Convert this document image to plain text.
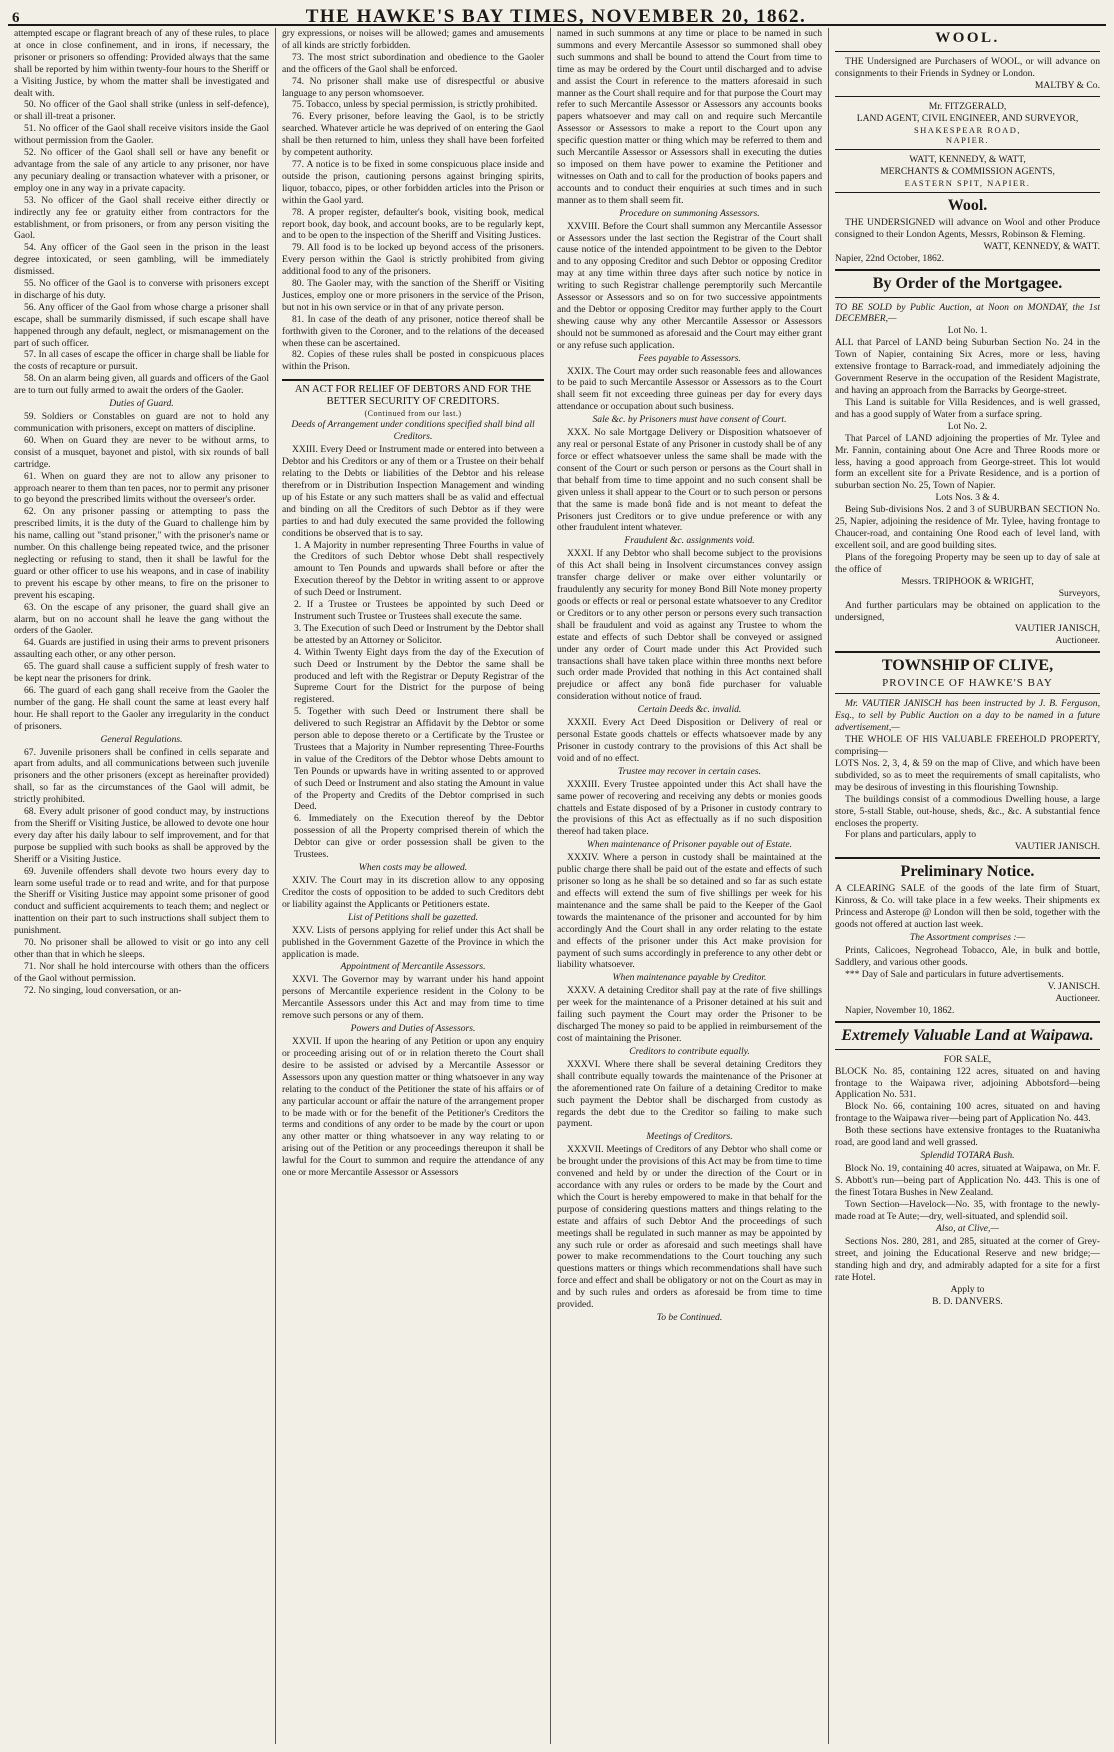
6	THE HAWKE'S BAY TIMES, NOVEMBER 20, 1862.

attempted escape or flagrant breach of any of these rules, to place at once in close confinement, and in irons, if necessary, the prisoner or prisoners so offending: Provided always that the same shall be reported by him within twenty-four hours to the Sheriff or a Visiting Justice, by whom the matter shall be investigated and dealt with.

50. No officer of the Gaol shall strike (unless in self-defence), or shall ill-treat a prisoner.

51. No officer of the Gaol shall receive visitors inside the Gaol without permission from the Gaoler.

52. No officer of the Gaol shall sell or have any benefit or advantage from the sale of any article to any prisoner, nor have any pecuniary dealing or transaction whatever with a prisoner, or employ one in any way in a private capacity.

53. No officer of the Gaol shall receive either directly or indirectly any fee or gratuity either from contractors for the establishment, or from prisoners, or from any person visiting the Gaol.

54. Any officer of the Gaol seen in the prison in the least degree intoxicated, or seen gambling, will be immediately dismissed.

55. No officer of the Gaol is to converse with prisoners except in discharge of his duty.

56. Any officer of the Gaol from whose charge a prisoner shall escape, shall be summarily dismissed, if such escape shall have happened through any default, neglect, or mismanagement on the part of such officer.

57. In all cases of escape the officer in charge shall be liable for the costs of recapture or pursuit.

58. On an alarm being given, all guards and officers of the Gaol are to turn out fully armed to await the orders of the Gaoler.

Duties of Guard.

59. Soldiers or Constables on guard are not to hold any communication with prisoners, except on matters of discipline.

60. When on Guard they are never to be without arms, to consist of a musquet, bayonet and pistol, with six rounds of ball cartridge.

61. When on guard they are not to allow any prisoner to approach nearer to them than ten paces, nor to permit any prisoner to go beyond the prescribed limits without the overseer's order.

62. On any prisoner passing or attempting to pass the prescribed limits, it is the duty of the Guard to challenge him by his name, calling out "stand prisoner," with the prisoner's name or number. On this challenge being repeated twice, and the prisoner neglecting or refusing to stand, then it shall be lawful for the guard or other officer to use his weapons, and in case of inability to prevent his escape by other means, to fire on the prisoner to prevent his escaping.

63. On the escape of any prisoner, the guard shall give an alarm, but on no account shall he leave the gang without the orders of the Gaoler.

64. Guards are justified in using their arms to prevent prisoners assaulting each other, or any other person.

65. The guard shall cause a sufficient supply of fresh water to be kept near the prisoners for drink.

66. The guard of each gang shall receive from the Gaoler the number of the gang. He shall count the same at least every half hour. He shall report to the Gaoler any irregularity in the conduct of prisoners.

General Regulations.

67. Juvenile prisoners shall be confined in cells separate and apart from adults, and all communications between such juvenile prisoners and the other prisoners (except as hereinafter provided) shall, so far as the circumstances of the Gaol will admit, be strictly prohibited.

68. Every adult prisoner of good conduct may, by instructions from the Sheriff or Visiting Justice, be allowed to devote one hour every day after his daily labour to self improvement, and for that purpose be supplied with such books as shall be approved by the Sheriff or a Visiting Justice.

69. Juvenile offenders shall devote two hours every day to learn some useful trade or to read and write, and for that purpose the Sheriff or Visiting Justice may appoint some prisoner of good conduct and sufficient acquirements to teach them; and neglect or inattention on their part to such instructions shall subject them to punishment.

70. No prisoner shall be allowed to visit or go into any cell other than that in which he sleeps.

71. Nor shall he hold intercourse with others than the officers of the Gaol without permission.

72. No singing, loud conversation, or an-

gry expressions, or noises will be allowed; games and amusements of all kinds are strictly forbidden.

73. The most strict subordination and obedience to the Gaoler and the officers of the Gaol shall be enforced.

74. No prisoner shall make use of disrespectful or abusive language to any person whomsoever.

75. Tobacco, unless by special permission, is strictly prohibited.

76. Every prisoner, before leaving the Gaol, is to be strictly searched. Whatever article he was deprived of on entering the Gaol shall be then returned to him, unless they shall have been forfeited by competent authority.

77. A notice is to be fixed in some conspicuous place inside and outside the prison, cautioning persons against bringing spirits, liquor, tobacco, pipes, or other forbidden articles into the Prison or within the Gaol yard.

78. A proper register, defaulter's book, visiting book, medical report book, day book, and account books, are to be regularly kept, and to be open to the inspection of the Sheriff and Visiting Justices.

79. All food is to be locked up beyond access of the prisoners. Every person within the Gaol is strictly prohibited from giving additional food to any of the prisoners.

80. The Gaoler may, with the sanction of the Sheriff or Visiting Justices, employ one or more prisoners in the service of the Prison, but not in his own service or in that of any private person.

81. In case of the death of any prisoner, notice thereof shall be forthwith given to the Coroner, and to the relations of the deceased when these can be ascertained.

82. Copies of these rules shall be posted in conspicuous places within the Prison.

AN ACT FOR RELIEF OF DEBTORS AND FOR THE BETTER SECURITY OF CREDITORS.
(Continued from our last.)
Deeds of Arrangement under conditions specified shall bind all Creditors.

XXIII. Every Deed or Instrument made or entered into between a Debtor and his Creditors or any of them or a Trustee on their behalf relating to the Debts or liabilities of the Debtor and his release therefrom or in Distribution Inspection Management and winding up of his Estate or any such matters shall be as valid and effectual and binding on all the Creditors of such Debtor as if they were parties to and had duly executed the same provided the following conditions be observed that is to say.

1. A Majority in number representing Three Fourths in value of the Creditors of such Debtor whose Debt shall respectively amount to Ten Pounds and upwards shall before or after the Execution thereof by the Debtor in writing assent to or approve of such Deed or Instrument.

2. If a Trustee or Trustees be appointed by such Deed or Instrument such Trustee or Trustees shall execute the same.

3. The Execution of such Deed or Instrument by the Debtor shall be attested by an Attorney or Solicitor.

4. Within Twenty Eight days from the day of the Execution of such Deed or Instrument by the Debtor the same shall be produced and left with the Registrar or Deputy Registrar of the Supreme Court for the District for the purpose of being registered.

5. Together with such Deed or Instrument there shall be delivered to such Registrar an Affidavit by the Debtor or some person able to depose thereto or a Certificate by the Trustee or Trustees that a Majority in Number representing Three-Fourths in value of the Creditors of the Debtor whose Debts amount to Ten Pounds or upwards have in writing assented to or approved of such Deed or Instrument and also stating the Amount in value of the Property and Credits of the Debtor comprised in such Deed.

6. Immediately on the Execution thereof by the Debtor possession of all the Property comprised therein of which the Debtor can give or order possession shall be given to the Trustees.

When costs may be allowed.

XXIV. The Court may in its discretion allow to any opposing Creditor the costs of opposition to be added to such Creditors debt or liability against the Applicants or Petitioners estate.

List of Petitions shall be gazetted.

XXV. Lists of persons applying for relief under this Act shall be published in the Government Gazette of the Province in which the application is made.

Appointment of Mercantile Assessors.

XXVI. The Governor may by warrant under his hand appoint persons of Mercantile experience resident in the Colony to be Mercantile Assessors under this Act and may from time to time remove such persons or any of them.

Powers and Duties of Assessors.

XXVII. If upon the hearing of any Petition or upon any enquiry or proceeding arising out of or in relation thereto the Court shall desire to be assisted or advised by a Mercantile Assessor or Assessors upon any question matter or thing whatsoever in any way relating to the conduct of the Petitioner the state of his affairs or of any particular account or affair the nature of the arrangement proper to be made with or for the benefit of the Petitioner's Creditors the terms and conditions of any order to be made by the court or upon any other matter or thing whatsoever in any way relating to or arising out of the Petition or any proceedings thereupon it shall be lawful for the Court to summon and require the attendance of any one or more Mercantile Assessor or Assessors

named in such summons at any time or place to be named in such summons and every Mercantile Assessor so summoned shall obey such summons and shall be bound to attend the Court from time to time as may be ordered by the Court until discharged and to advise and assist the Court in reference to the matters aforesaid in such manner as the Court shall require and for that purpose the Court may refer to such Mercantile Assessor or Assessors any accounts books papers whatsoever and may call on and require such Mercantile Assessor or Assessors to make a report to the Court upon any specific question matter or thing which may be referred to them and such Mercantile Assessor or Assessors shall in executing the duties so imposed on them have power to examine the Petitioner and witnesses on Oath and to call for the production of books papers and accounts and to conduct their enquiries at such times and in such manner as to them shall seem fit.

Procedure on summoning Assessors.

XXVIII. Before the Court shall summon any Mercantile Assessor or Assessors under the last section the Registrar of the Court shall cause notice of the intended appointment to be given to the Debtor and to any opposing Creditor and such Debtor or opposing Creditor may at any time within three days after such notice by notice in writing to such Registrar challenge peremptorily such Mercantile Assessor or Assessors and so on for two successive appointments and the Debtor or opposing Creditor may further apply to the Court shewing cause why any other Mercantile Assessor or Assessors should not be summoned as aforesaid and the Court may either grant or any refuse such application.

Fees payable to Assessors.

XXIX. The Court may order such reasonable fees and allowances to be paid to such Mercantile Assessor or Assessors as to the Court shall seem fit not exceeding three guineas per day for every days attendance or occupation about such business.

Sale &c. by Prisoners must have consent of Court.

XXX. No sale Mortgage Delivery or Disposition whatsoever of any real or personal Estate of any Prisoner in custody shall be of any force or effect whatsoever unless the same shall be made with the consent of the Court or such person or persons as the Court shall in that behalf from time to time appoint and no such consent shall be given unless it shall appear to the Court or to such person or persons that the same is made bonâ fide and is not meant to defeat the Prisoners just Creditors or to give undue preference or with any other fraudulent intent whatever.

Fraudulent &c. assignments void.

XXXI. If any Debtor who shall become subject to the provisions of this Act shall being in Insolvent circumstances convey assign transfer charge deliver or make over either voluntarily or fraudulently any security for money Bond Bill Note money property goods or effects or real or personal estate whatsoever to any Creditor or Creditors or to any other person or persons every such transaction shall be fraudulent and void as against any Trustee to whom the estate and effects of such Debtor shall be conveyed or assigned under any order of Court made under this Act Provided such transactions shall have taken place within three months next before such order made Provided that nothing in this Act contained shall prejudice or affect any bonâ fide purchaser for valuable consideration without notice of fraud.

Certain Deeds &c. invalid.

XXXII. Every Act Deed Disposition or Delivery of real or personal Estate goods chattels or effects whatsoever made by any Prisoner in custody contrary to the provisions of this Act shall be void and of no effect.

Trustee may recover in certain cases.

XXXIII. Every Trustee appointed under this Act shall have the same power of recovering and receiving any debts or monies goods chattels and Estate disposed of by a Prisoner in custody contrary to the provisions of this Act as effectually as if no such disposition thereof had taken place.

When maintenance of Prisoner payable out of Estate.

XXXIV. Where a person in custody shall be maintained at the public charge there shall be paid out of the estate and effects of such prisoner so long as he shall be so detained and so far as such estate and effects will extend the sum of five shillings per week for his maintenance and the same shall be paid to the Keeper of the Gaol towards the maintenance of the prisoner and accounted for by him accordingly And the Court shall in any order relating to the estate and effects of the prisoner under this Act make provision for payment of such sums accordingly in preference to any other debt or liability whatsoever.

When maintenance payable by Creditor.

XXXV. A detaining Creditor shall pay at the rate of five shillings per week for the maintenance of a Prisoner detained at his suit and failing such payment the Court may order the Prisoner to be discharged The money so paid to be applied in reimbursement of the cost of maintaining the Prisoner.

Creditors to contribute equally.

XXXVI. Where there shall be several detaining Creditors they shall contribute equally towards the maintenance of the Prisoner at the aforementioned rate On failure of a detaining Creditor to make such payment the Debtor shall be discharged from custody as regards the debt due to the Creditor so failing to make such payment.

Meetings of Creditors.

XXXVII. Meetings of Creditors of any Debtor who shall come or be brought under the provisions of this Act may be from time to time convened and held by or under the direction of the Court or in accordance with any rules or orders to be made by the Court and which the Court is hereby empowered to make in that behalf for the purpose of considering questions matters and things relating to the estate and affairs of such Debtor And the proceedings of such meetings shall be regulated in such manner as may be appointed by any such rule or order as aforesaid and such meetings shall have power to make recommendations to the Court touching any such questions matters or things which recommendations shall have such force and effect and shall be obligatory or not on the Court as may in and by such rules and orders as aforesaid be from time to time provided.

To be Continued.
WOOL.

THE Undersigned are Purchasers of WOOL, or will advance on consignments to their Friends in Sydney or London.

MALTBY & Co.
Mr. FITZGERALD,
LAND AGENT, CIVIL ENGINEER, AND SURVEYOR,
SHAKESPEAR ROAD,
NAPIER.
WATT, KENNEDY, & WATT,
MERCHANTS & COMMISSION AGENTS,
EASTERN SPIT, NAPIER.
Wool.

THE UNDERSIGNED will advance on Wool and other Produce consigned to their London Agents, Messrs, Robinson & Fleming.

WATT, KENNEDY, & WATT.

Napier, 22nd October, 1862.

By Order of the Mortgagee.

TO BE SOLD by Public Auction, at Noon on MONDAY, the 1st DECEMBER,—

Lot No. 1.

ALL that Parcel of LAND being Suburban Section No. 24 in the Town of Napier, containing Six Acres, more or less, having extensive frontage to Barrack-road, and immediately adjoining the Government Reserve in the occupation of the Resident Magistrate, and having an approach from the Barracks by George-street.

This Land is suitable for Villa Residences, and is well grassed, and has a good supply of Water from a surface spring.

Lot No. 2.

That Parcel of LAND adjoining the properties of Mr. Tylee and Mr. Fannin, containing about One Acre and Three Roods more or less, having a good approach from George-street. This lot would form an excellent site for a Private Residence, and is a portion of suburban section No. 25, Town of Napier.

Lots Nos. 3 & 4.

Being Sub-divisions Nos. 2 and 3 of SUBURBAN SECTION No. 25, Napier, adjoining the residence of Mr. Tylee, having frontage to Chaucer-road, and containing One Rood each of level land, with excellent soil, and are good building sites.

Plans of the foregoing Property may be seen up to day of sale at the office of

Messrs. TRIPHOOK & WRIGHT,
Surveyors,

And further particulars may be obtained on application to the undersigned,

VAUTIER JANISCH,
Auctioneer.
TOWNSHIP OF CLIVE,
PROVINCE OF HAWKE'S BAY

Mr. VAUTIER JANISCH has been instructed by J. B. Ferguson, Esq., to sell by Public Auction on a day to be named in a future advertisement,—

THE WHOLE OF HIS VALUABLE FREEHOLD PROPERTY, comprising—

LOTS Nos. 2, 3, 4, & 59 on the map of Clive, and which have been subdivided, so as to meet the requirements of small capitalists, who may be desirous of investing in this flourishing Township.

The buildings consist of a commodious Dwelling house, a large store, 5-stall Stable, out-house, sheds, &c., &c. A substantial fence encloses the property.

For plans and particulars, apply to

VAUTIER JANISCH.
Preliminary Notice.

A CLEARING SALE of the goods of the late firm of Stuart, Kinross, & Co. will take place in a few weeks. Their shipments ex Princess and Asterope @ London will then be sold, together with the goods not offered at auction last week.

The Assortment comprises :—

Prints, Calicoes, Negrohead Tobacco, Ale, in bulk and bottle, Saddlery, and various other goods.

*** Day of Sale and particulars in future advertisements.

V. JANISCH.
Auctioneer.

Napier, November 10, 1862.

Extremely Valuable Land at Waipawa.
FOR SALE,

BLOCK No. 85, containing 122 acres, situated on and having frontage to the Waipawa river, adjoining Abbotsford—being Application No. 531.

Block No. 66, containing 100 acres, situated on and having frontage to the Waipawa river—being part of Application No. 443.

Both these sections have extensive frontages to the Ruataniwha road, are good land and well grassed.

Splendid TOTARA Bush.

Block No. 19, containing 40 acres, situated at Waipawa, on Mr. F. S. Abbott's run—being part of Application No. 443. This is one of the finest Totara Bushes in New Zealand.

Town Section—Havelock—No. 35, with frontage to the newly-made road at Te Aute;—dry, well-situated, and splendid soil.

Also, at Clive,—

Sections Nos. 280, 281, and 285, situated at the corner of Grey-street, and joining the Educational Reserve and new bridge;—standing high and dry, and admirably adapted for a site for a first rate Hotel.

Apply to
B. D. DANVERS.
